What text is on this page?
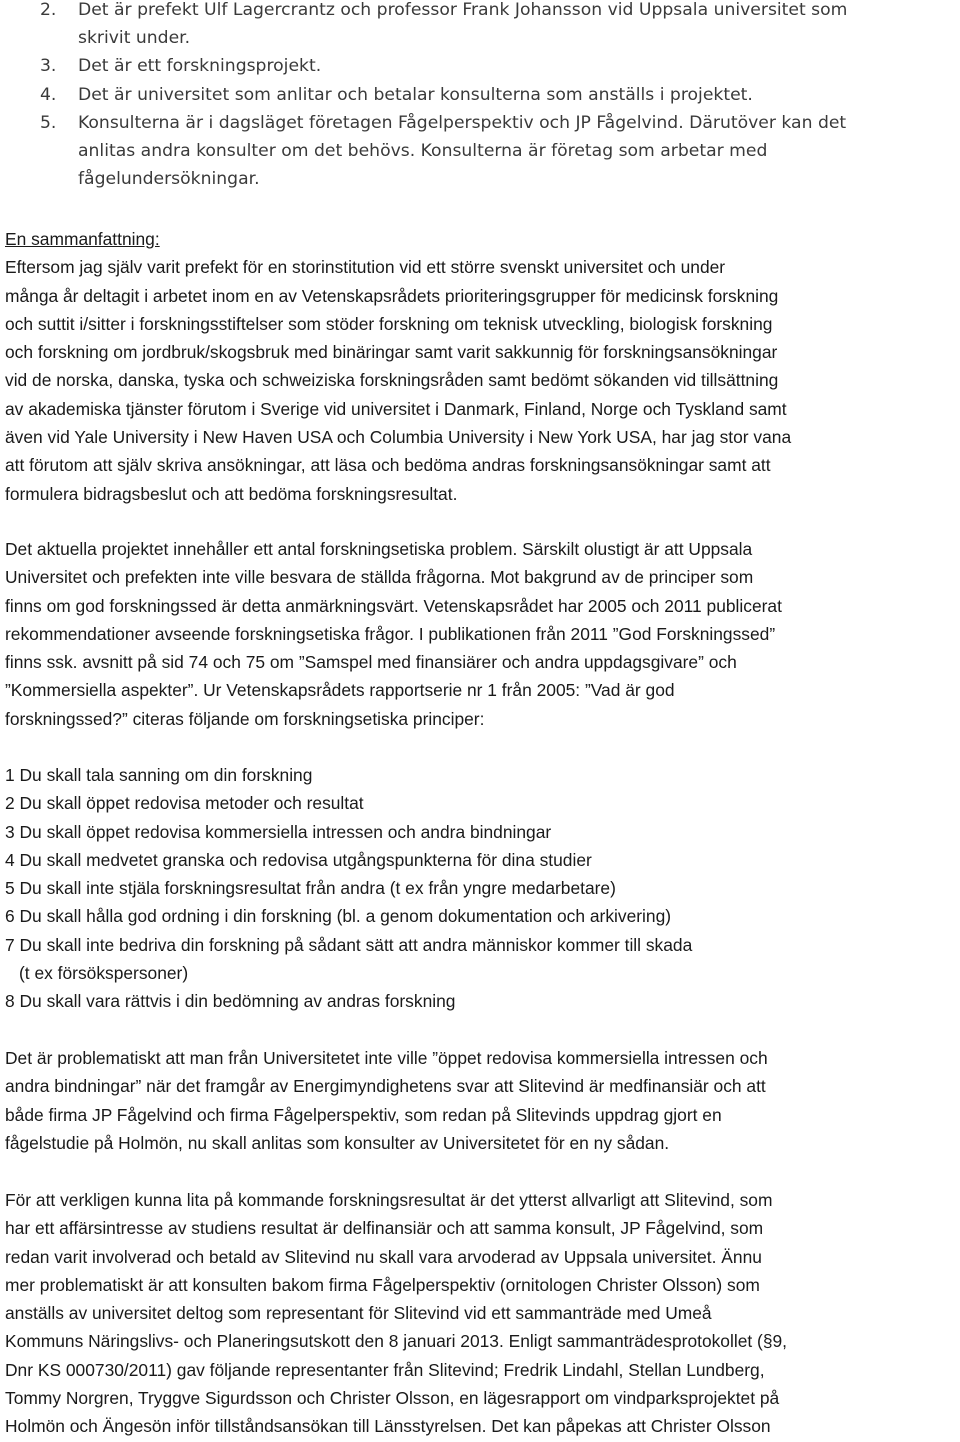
2. Det är prefekt Ulf Lagercrantz och professor Frank Johansson vid Uppsala universitet som
skrivit under.
3. Det är ett forskningsprojekt.
4. Det är universitet som anlitar och betalar konsulterna som anställs i projektet.
5. Konsulterna är i dagsläget företagen Fågelperspektiv och JP Fågelvind. Därutöver kan det
anlitas andra konsulter om det behövs. Konsulterna är företag som arbetar med
fågelundersökningar.
En sammanfattning:
Eftersom jag själv varit prefekt för en storinstitution vid ett större svenskt universitet och under
många år deltagit i arbetet inom en av Vetenskapsrådets prioriteringsgrupper för medicinsk forskning
och suttit i/sitter i forskningsstiftelser som stöder forskning om teknisk utveckling, biologisk forskning
och forskning om jordbruk/skogsbruk med binäringar samt varit sakkunnig för forskningsansökningar
vid de norska, danska, tyska och schweiziska forskningsråden samt bedömt sökanden vid tillsättning
av akademiska tjänster förutom i Sverige vid universitet i Danmark, Finland, Norge och Tyskland samt
även vid Yale University i New Haven USA och Columbia University i New York USA, har jag stor vana
att förutom att själv skriva ansökningar, att läsa och bedöma andras forskningsansökningar samt att
formulera bidragsbeslut och att bedöma forskningsresultat.
Det aktuella projektet innehåller ett antal forskningsetiska problem. Särskilt olustigt är att Uppsala
Universitet och prefekten inte ville besvara de ställda frågorna. Mot bakgrund av de principer som
finns om god forskningssed är detta anmärkningsvärt. Vetenskapsrådet har 2005 och 2011 publicerat
rekommendationer avseende forskningsetiska frågor. I publikationen från 2011 ”God Forskningssed”
finns ssk. avsnitt på sid 74 och 75 om ”Samspel med finansiärer och andra uppdagsgivare” och
”Kommersiella aspekter”. Ur Vetenskapsrådets rapportserie nr 1 från 2005: ”Vad är god
forskningssed?” citeras följande om forskningsetiska principer:
1 Du skall tala sanning om din forskning
2 Du skall öppet redovisa metoder och resultat
3 Du skall öppet redovisa kommersiella intressen och andra bindningar
4 Du skall medvetet granska och redovisa utgångspunkterna för dina studier
5 Du skall inte stjäla forskningsresultat från andra (t ex från yngre medarbetare)
6 Du skall hålla god ordning i din forskning (bl. a genom dokumentation och arkivering)
7 Du skall inte bedriva din forskning på sådant sätt att andra människor kommer till skada
(t ex försökspersoner)
8 Du skall vara rättvis i din bedömning av andras forskning
Det är problematiskt att man från Universitetet inte ville ”öppet redovisa kommersiella intressen och
andra bindningar” när det framgår av Energimyndighetens svar att Slitevind är medfinansiär och att
både firma JP Fågelvind och firma Fågelperspektiv, som redan på Slitevinds uppdrag gjort en
fågelstudie på Holmön, nu skall anlitas som konsulter av Universitetet för en ny sådan.
För att verkligen kunna lita på kommande forskningsresultat är det ytterst allvarligt att Slitevind, som
har ett affärsintresse av studiens resultat är delfinansiär och att samma konsult, JP Fågelvind, som
redan varit involverad och betald av Slitevind nu skall vara arvoderad av Uppsala universitet. Ännu
mer problematiskt är att konsulten bakom firma Fågelperspektiv (ornitologen Christer Olsson) som
anställs av universitet deltog som representant för Slitevind vid ett sammanträde med Umeå
Kommuns Näringslivs- och Planeringsutskott den 8 januari 2013. Enligt sammanträdesprotokollet (§9,
Dnr KS 000730/2011) gav följande representanter från Slitevind; Fredrik Lindahl, Stellan Lundberg,
Tommy Norgren, Tryggve Sigurdsson och Christer Olsson, en lägesrapport om vindparksprojektet på
Holmön och Ängesön inför tillståndsansökan till Länsstyrelsen. Det kan påpekas att Christer Olsson
